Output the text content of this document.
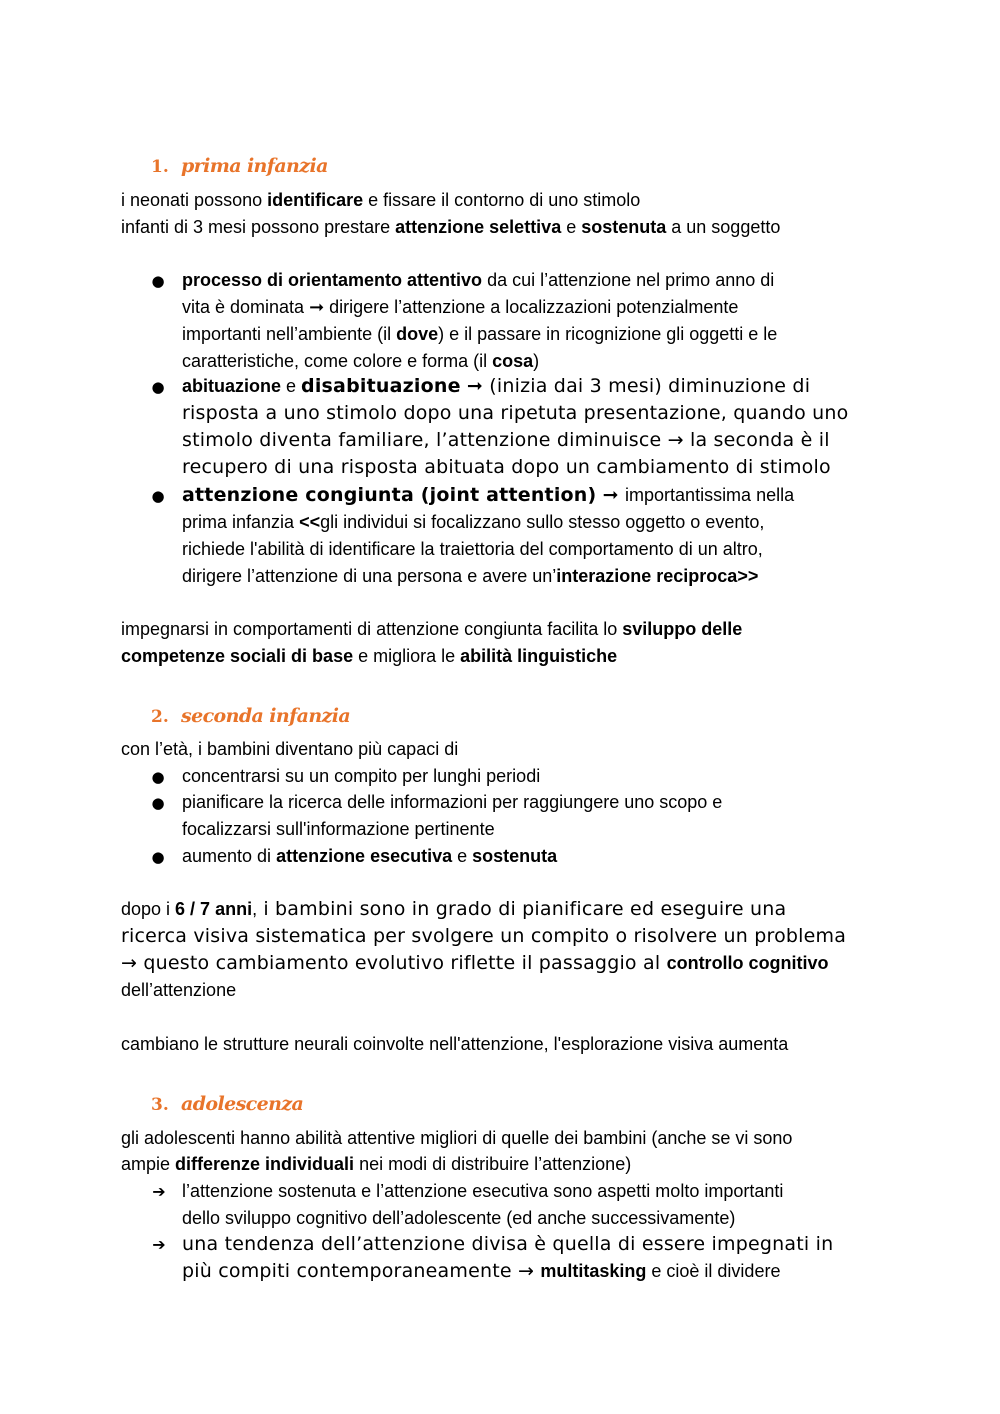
1. prima infanzia

i neonati possono identificare e fissare il contorno di uno stimolo

infanti di 3 mesi possono prestare attenzione selettiva e sostenuta a un soggetto

● processo di orientamento attentivo da cui l’attenzione nel primo anno di

vita è dominata ➞ dirigere l’attenzione a localizzazioni potenzialmente

importanti nell’ambiente (il dove) e il passare in ricognizione gli oggetti e le

caratteristiche, come colore e forma (il cosa)

● abituazione e disabituazione ➞ (inizia dai 3 mesi) diminuzione di

risposta a uno stimolo dopo una ripetuta presentazione, quando uno

stimolo diventa familiare, l’attenzione diminuisce → la seconda è il

recupero di una risposta abituata dopo un cambiamento di stimolo

● attenzione congiunta (joint attention) ➞ importantissima nella

prima infanzia <<gli individui si focalizzano sullo stesso oggetto o evento,

richiede l'abilità di identificare la traiettoria del comportamento di un altro,

dirigere l’attenzione di una persona e avere un’interazione reciproca>>

impegnarsi in comportamenti di attenzione congiunta facilita lo sviluppo delle

competenze sociali di base e migliora le abilità linguistiche

2. seconda infanzia

con l’età, i bambini diventano più capaci di

● concentrarsi su un compito per lunghi periodi

● pianificare la ricerca delle informazioni per raggiungere uno scopo e

focalizzarsi sull'informazione pertinente

● aumento di attenzione esecutiva e sostenuta

dopo i 6 / 7 anni, i bambini sono in grado di pianificare ed eseguire una

ricerca visiva sistematica per svolgere un compito o risolvere un problema

→ questo cambiamento evolutivo riflette il passaggio al controllo cognitivo

dell’attenzione

cambiano le strutture neurali coinvolte nell'attenzione, l'esplorazione visiva aumenta

3. adolescenza

gli adolescenti hanno abilità attentive migliori di quelle dei bambini (anche se vi sono

ampie differenze individuali nei modi di distribuire l’attenzione)

➔ l’attenzione sostenuta e l’attenzione esecutiva sono aspetti molto importanti

dello sviluppo cognitivo dell’adolescente (ed anche successivamente)

➔ una tendenza dell’attenzione divisa è quella di essere impegnati in

più compiti contemporaneamente → multitasking e cioè il dividere
